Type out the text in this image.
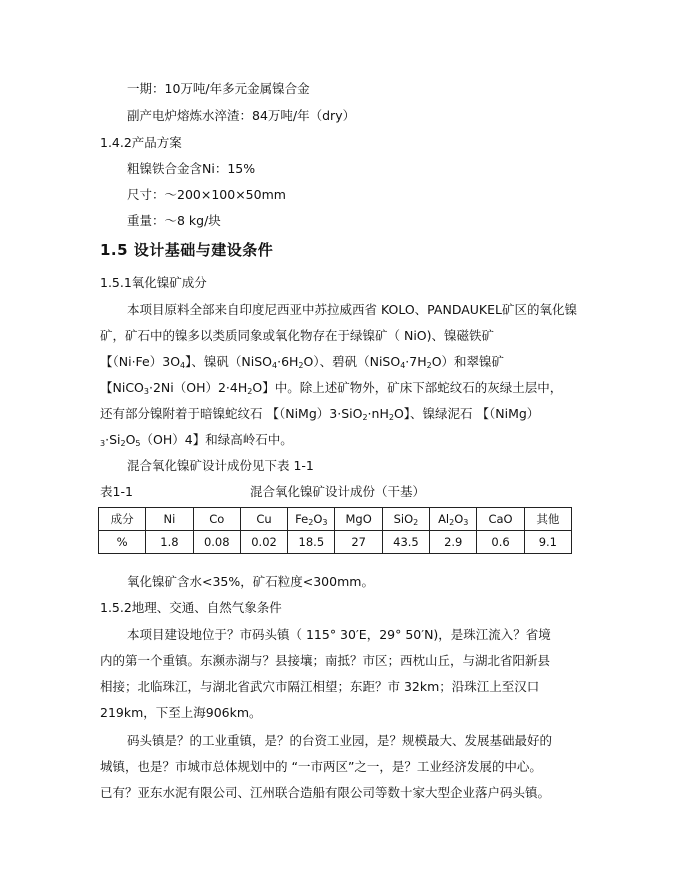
一期：10万吨/年多元金属镍合金
副产电炉熔炼水淬渣：84万吨/年（dry）
1.4.2产品方案
粗镍铁合金含Ni：15%
尺寸：～200×100×50mm
重量：～8 kg/块
1.5 设计基础与建设条件
1.5.1氧化镍矿成分
本项目原料全部来自印度尼西亚中苏拉威西省 KOLO、PANDAUKEL矿区的氧化镍
矿，矿石中的镍多以类质同象或氧化物存在于绿镍矿（ NiO)、镍磁铁矿
【$(Ni\cdot Fe)3O_4$】、镍矾$(NiSO_4\cdot 6H_2O)$、碧矾$(NiSO_4\cdot 7H_2O)$和翠镍矿
【$NiCO_3\cdot 2Ni(OH)2\cdot 4H_2O$】中。除上述矿物外，矿床下部蛇纹石的灰绿土层中，
还有部分镍附着于暗镍蛇纹石 【$(NiMg)3\cdot SiO_2\cdot nH_2O$】、镍绿泥石 【（NiMg）
$_3\cdot Si_2O_5(OH)4$】和绿高岭石中。
混合氧化镍矿设计成份见下表 1-1
表1-1	混合氧化镍矿设计成份（干基）
成分	Ni	Co	Cu	$Fe_2O_3$	MgO	SiO$_2$	$Al_2O_3$	CaO	其他
%	1.8	0.08	0.02	18.5	27	43.5	2.9	0.6	9.1
氧化镍矿含水<35%，矿石粒度<300mm。
1.5.2地理、交通、自然气象条件
本项目建设地位于？市码头镇（ 115° 30′E，29° 50′N)，是珠江流入？省境
内的第一个重镇。东濒赤湖与？县接壤；南抵？市区；西枕山丘，与湖北省阳新县
相接；北临珠江，与湖北省武穴市隔江相望；东距？市 32km；沿珠江上至汉口
219km，下至上海906km。
码头镇是？的工业重镇，是？的台资工业园，是？规模最大、发展基础最好的
城镇，也是？市城市总体规划中的 “一市两区”之一，是？工业经济发展的中心。
已有？亚东水泥有限公司、江州联合造船有限公司等数十家大型企业落户码头镇。
